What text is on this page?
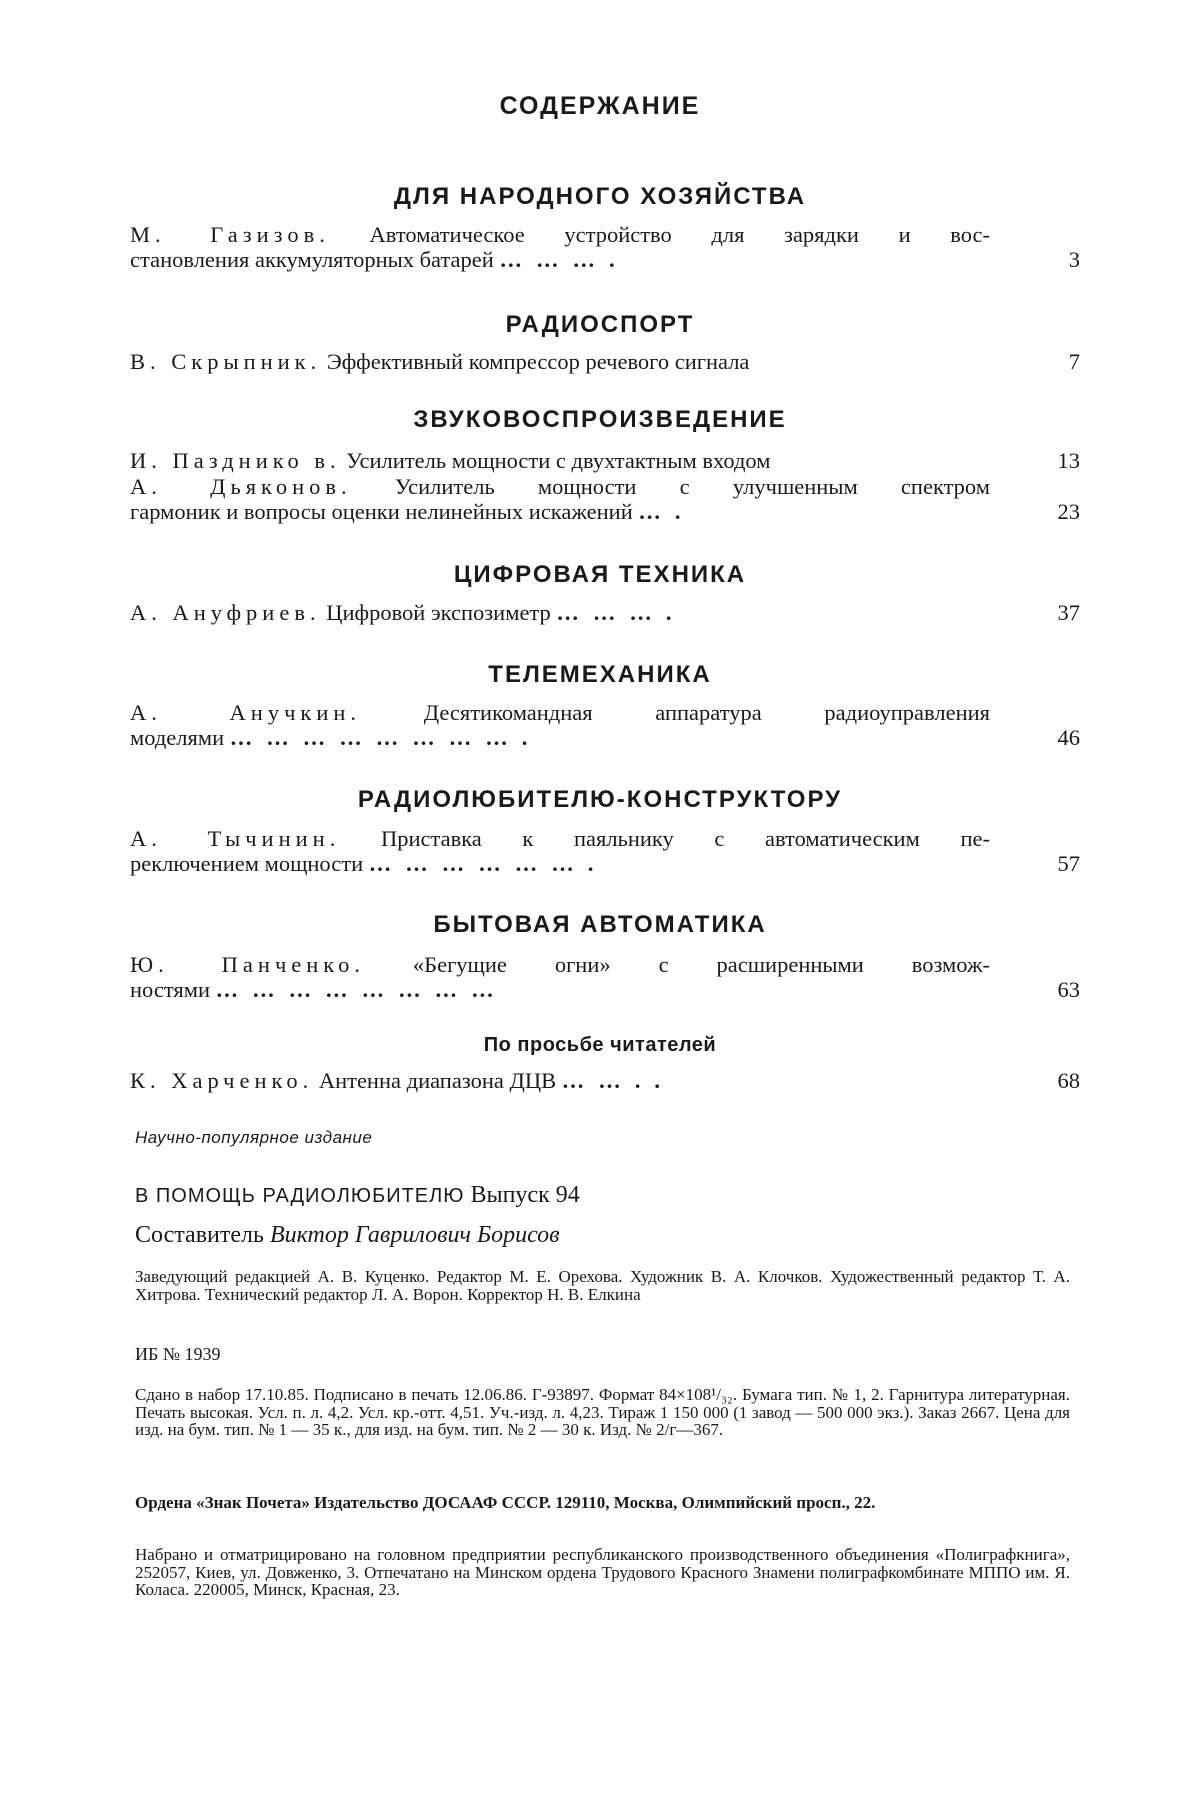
СОДЕРЖАНИЕ
ДЛЯ НАРОДНОГО ХОЗЯЙСТВА
М. Газизов. Автоматическое устройство для зарядки и вос-
становления аккумуляторных батарей ……….	3
РАДИОСПОРТ
В. Скрыпник. Эффективный компрессор речевого сигнала	7
ЗВУКОВОСПРОИЗВЕДЕНИЕ
И. Пазднико в. Усилитель мощности с двухтактным входом	13
А. Дьяконов. Усилитель мощности с улучшенным спектром
гармоник и вопросы оценки нелинейных искажений ….	23
ЦИФРОВАЯ ТЕХНИКА
А. Ануфриев. Цифровой экспозиметр ……….	37
ТЕЛЕМЕХАНИКА
А. Анучкин.	Десятикомандная аппаратура радиоуправления
моделями …………………….	46
РАДИОЛЮБИТЕЛЮ-КОНСТРУКТОРУ
А. Тычинин. Приставка к паяльнику с автоматическим пе-
реключением мощности ……………….	57
БЫТОВАЯ АВТОМАТИКА
Ю. Панченко. «Бегущие огни» с расширенными возмож-
ностями ……………………	63
По просьбе читателей
К. Харченко. Антенна диапазона ДЦВ ……..	68
Научно-популярное издание
В ПОМОЩЬ РАДИОЛЮБИТЕЛЮ Выпуск 94
Составитель Виктор Гаврилович Борисов
Заведующий редакцией А. В. Куценко. Редактор М. Е. Орехова. Художник В. А. Клочков. Художественный редактор Т. А. Хитрова. Технический редактор Л. А. Ворон. Корректор Н. В. Елкина
ИБ № 1939
Сдано в набор 17.10.85. Подписано в печать 12.06.86. Г-93897. Формат 84×108¹/₃₂. Бумага тип. № 1, 2. Гарнитура литературная. Печать высокая. Усл. п. л. 4,2. Усл. кр.-отт. 4,51. Уч.-изд. л. 4,23. Тираж 1 150 000 (1 завод — 500 000 экз.). Заказ 2667. Цена для изд. на бум. тип. № 1 — 35 к., для изд. на бум. тип. № 2 — 30 к. Изд. № 2/г—367.
Ордена «Знак Почета» Издательство ДОСААФ СССР. 129110, Москва, Олимпийский просп., 22.
Набрано и отматрицировано на головном предприятии республиканского производственного объединения «Полиграфкнига», 252057, Киев, ул. Довженко, 3. Отпечатано на Минском ордена Трудового Красного Знамени полиграфкомбинате МППО им. Я. Коласа. 220005, Минск, Красная, 23.
